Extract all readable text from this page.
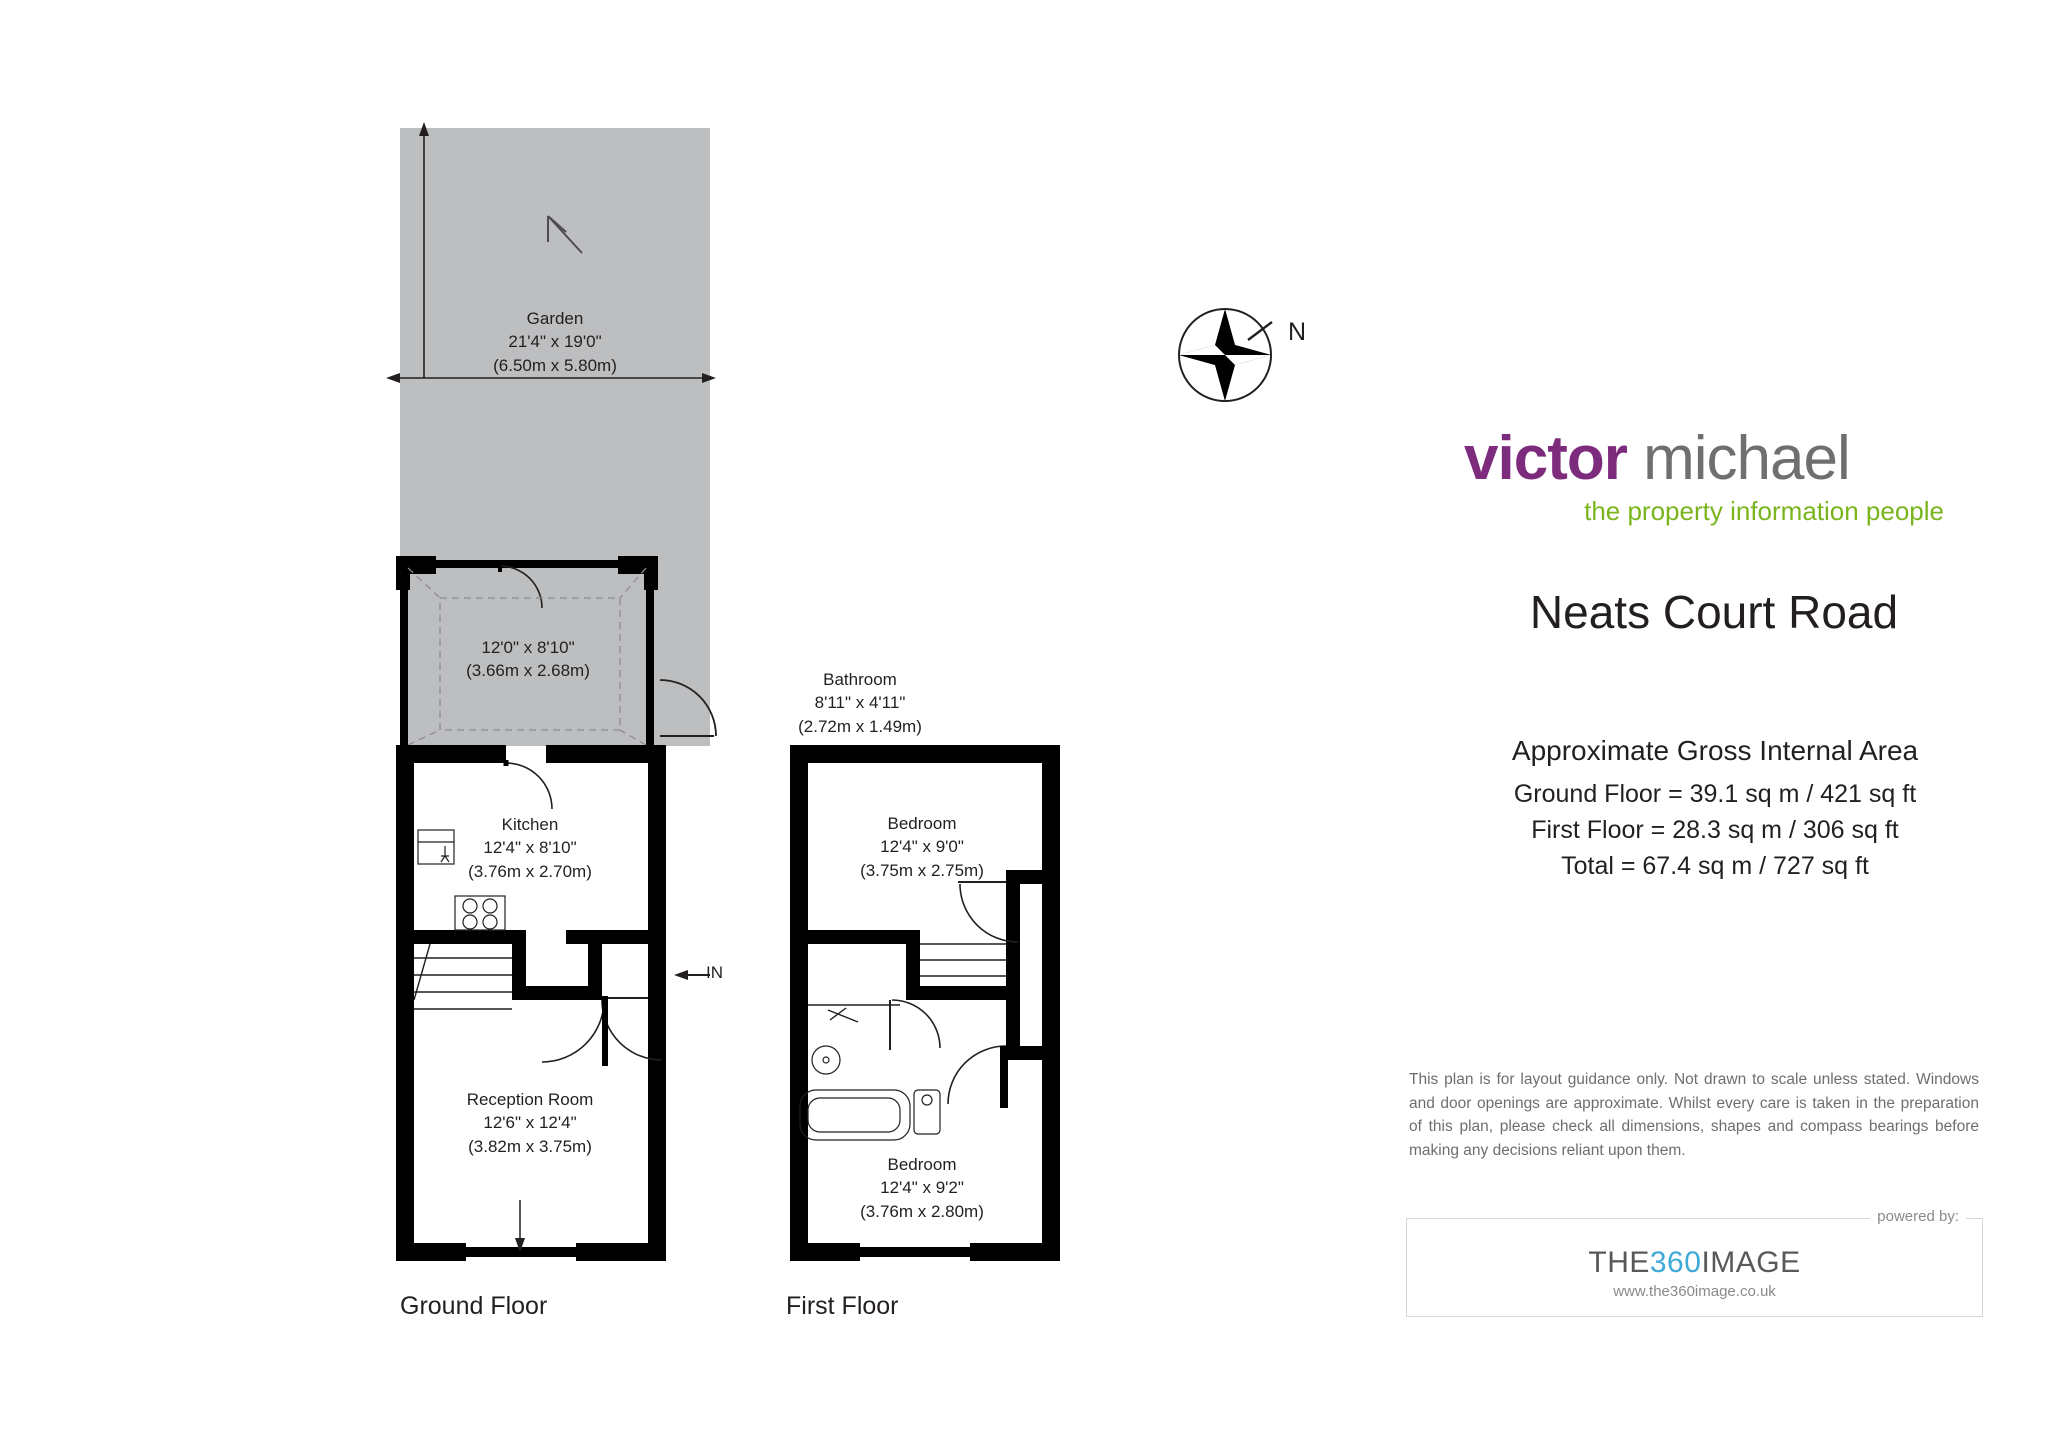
Garden
21'4" x 19'0"
(6.50m x 5.80m)
12'0" x 8'10"
(3.66m x 2.68m)
Kitchen
12'4" x 8'10"
(3.76m x 2.70m)
Reception Room
12'6" x 12'4"
(3.82m x 3.75m)
Bathroom
8'11" x 4'11"
(2.72m x 1.49m)
Bedroom
12'4" x 9'0"
(3.75m x 2.75m)
Bedroom
12'4" x 9'2"
(3.76m x 2.80m)
Ground Floor	First Floor
N
IN
victor michael
the property information people
Neats Court Road
Approximate Gross Internal Area
Ground Floor = 39.1 sq m / 421 sq ft
First Floor = 28.3 sq m / 306 sq ft
Total = 67.4 sq m / 727 sq ft
This plan is for layout guidance only. Not drawn to scale unless stated. Windows and door openings are approximate. Whilst every care is taken in the preparation of this plan, please check all dimensions, shapes and compass bearings before making any decisions reliant upon them.
powered by:
THE360IMAGE
www.the360image.co.uk
